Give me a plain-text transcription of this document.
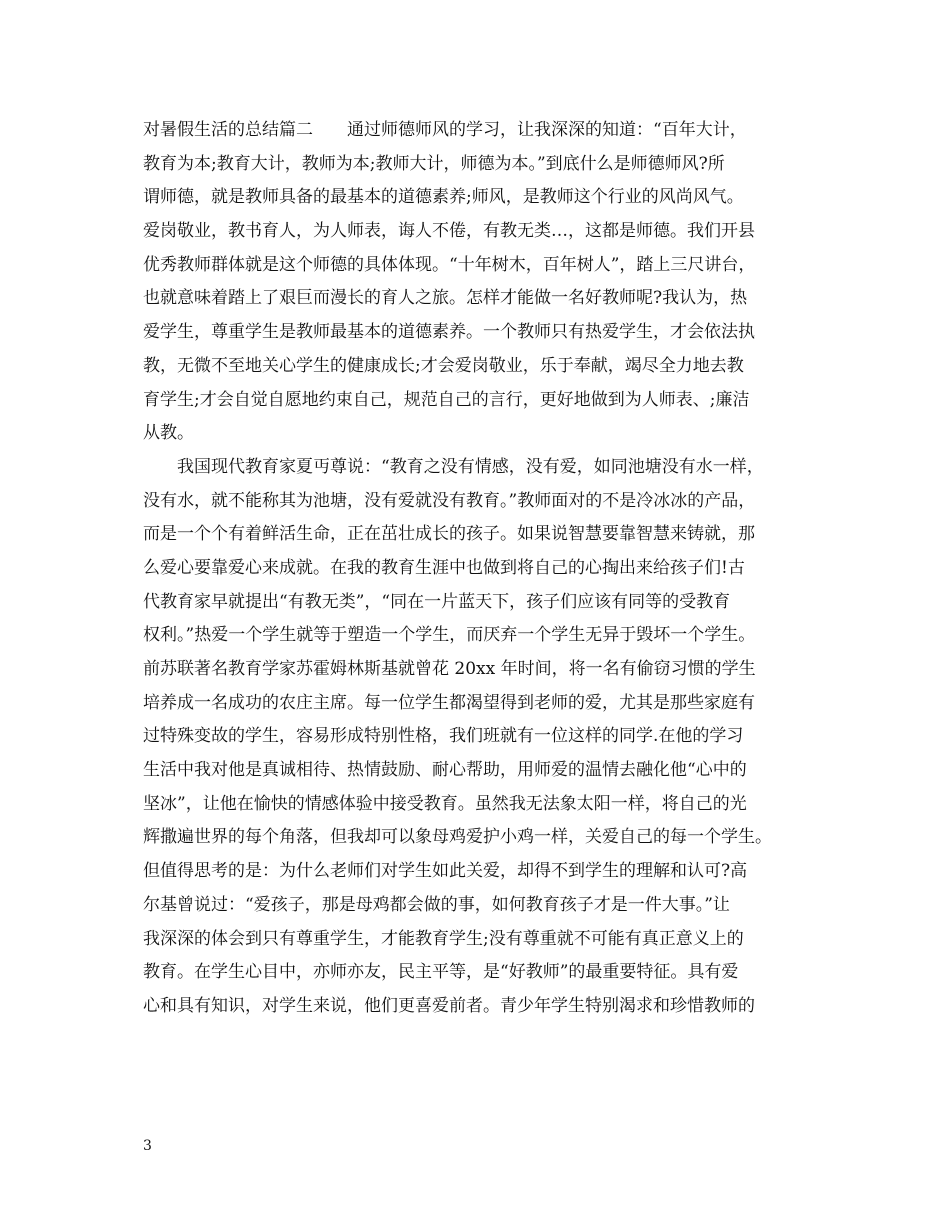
对暑假生活的总结篇二　　通过师德师风的学习，让我深深的知道：“百年大计，
教育为本;教育大计，教师为本;教师大计，师德为本。”到底什么是师德师风?所
谓师德，就是教师具备的最基本的道德素养;师风，是教师这个行业的风尚风气。
爱岗敬业，教书育人，为人师表，诲人不倦，有教无类…，这都是师德。我们开县
优秀教师群体就是这个师德的具体体现。“十年树木，百年树人”，踏上三尺讲台，
也就意味着踏上了艰巨而漫长的育人之旅。怎样才能做一名好教师呢?我认为，热
爱学生，尊重学生是教师最基本的道德素养。一个教师只有热爱学生，才会依法执
教，无微不至地关心学生的健康成长;才会爱岗敬业，乐于奉献，竭尽全力地去教
育学生;才会自觉自愿地约束自己，规范自己的言行，更好地做到为人师表、;廉洁
从教。
我国现代教育家夏丏尊说：“教育之没有情感，没有爱，如同池塘没有水一样，
没有水，就不能称其为池塘，没有爱就没有教育。”教师面对的不是冷冰冰的产品，
而是一个个有着鲜活生命，正在茁壮成长的孩子。如果说智慧要靠智慧来铸就，那
么爱心要靠爱心来成就。在我的教育生涯中也做到将自己的心掏出来给孩子们!古
代教育家早就提出“有教无类”，“同在一片蓝天下，孩子们应该有同等的受教育
权利。”热爱一个学生就等于塑造一个学生，而厌弃一个学生无异于毁坏一个学生。
前苏联著名教育学家苏霍姆林斯基就曾花 20xx 年时间，将一名有偷窃习惯的学生
培养成一名成功的农庄主席。每一位学生都渴望得到老师的爱，尤其是那些家庭有
过特殊变故的学生，容易形成特别性格，我们班就有一位这样的同学.在他的学习
生活中我对他是真诚相待、热情鼓励、耐心帮助，用师爱的温情去融化他“心中的
坚冰”，让他在愉快的情感体验中接受教育。虽然我无法象太阳一样，将自己的光
辉撒遍世界的每个角落，但我却可以象母鸡爱护小鸡一样，关爱自己的每一个学生。
但值得思考的是：为什么老师们对学生如此关爱，却得不到学生的理解和认可?高
尔基曾说过：“爱孩子，那是母鸡都会做的事，如何教育孩子才是一件大事。”让
我深深的体会到只有尊重学生，才能教育学生;没有尊重就不可能有真正意义上的
教育。在学生心目中，亦师亦友，民主平等，是“好教师”的最重要特征。具有爱
心和具有知识，对学生来说，他们更喜爱前者。青少年学生特别渴求和珍惜教师的
3
